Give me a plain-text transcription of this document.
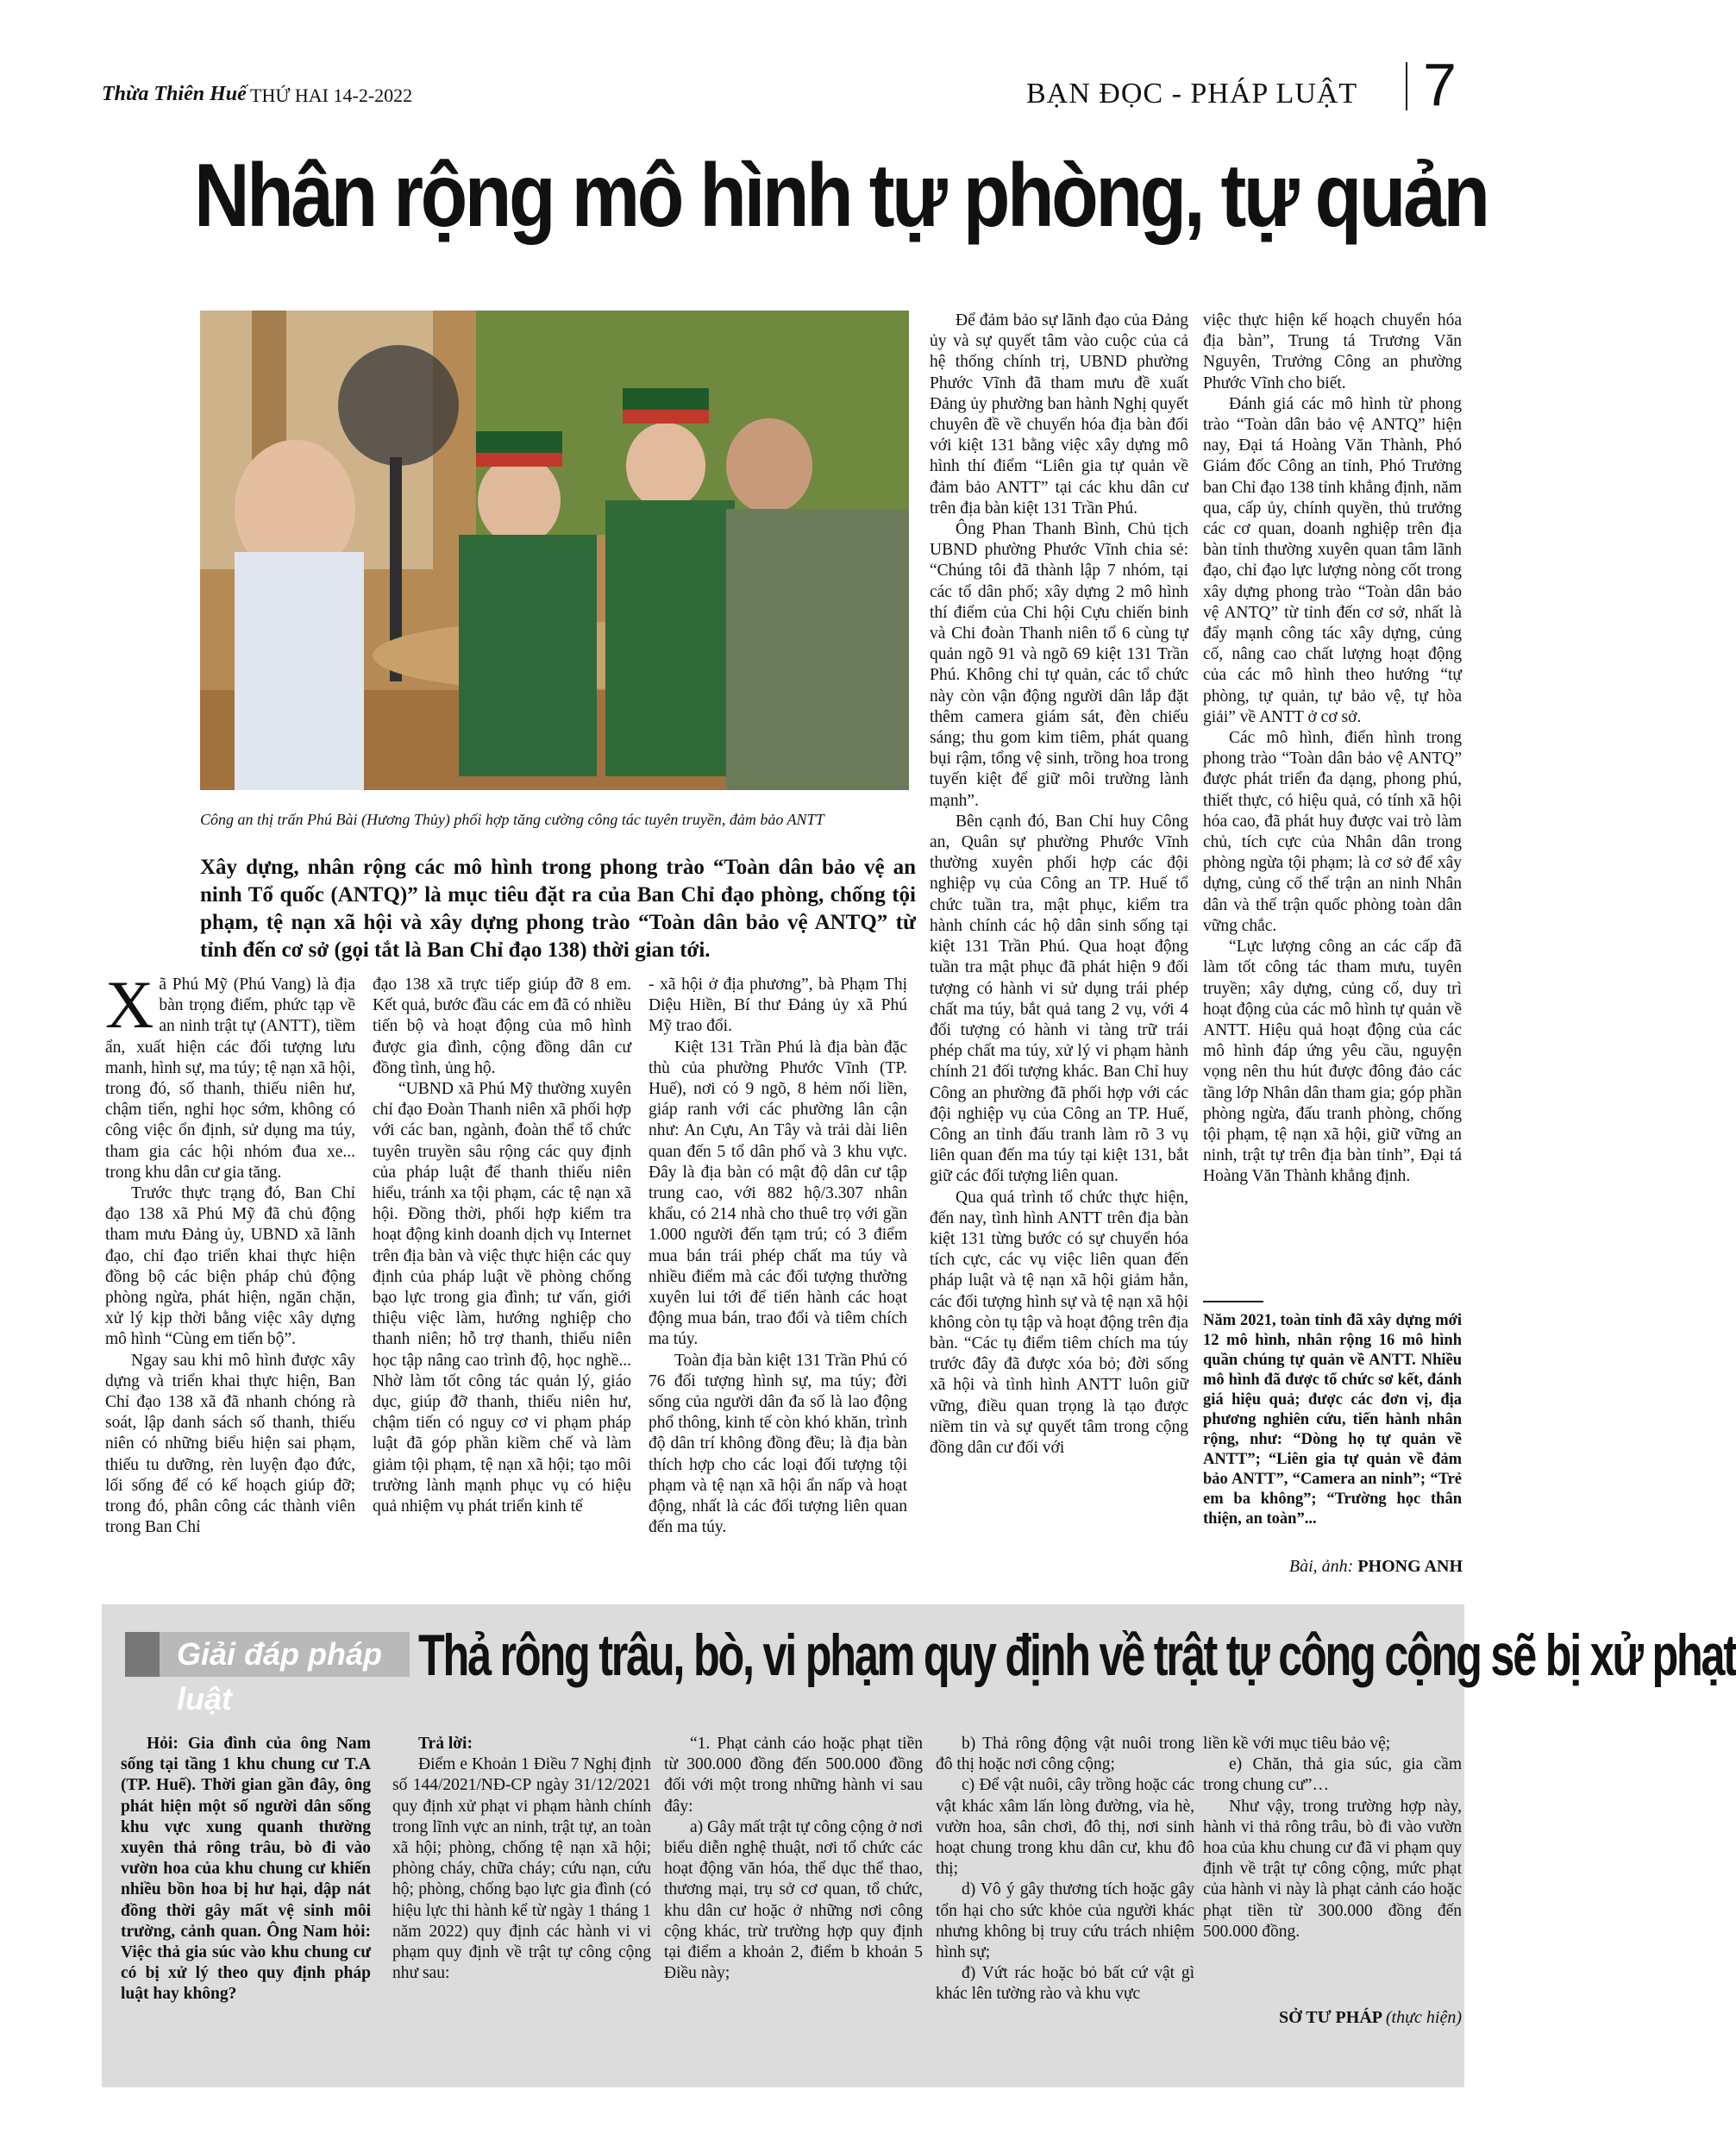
Thừa Thiên Huế THỨ HAI 14-2-2022	BẠN ĐỌC - PHÁP LUẬT 7
Nhân rộng mô hình tự phòng, tự quản
Công an thị trấn Phú Bài (Hương Thủy) phối hợp tăng cường công tác tuyên truyền, đảm bảo ANTT
Xây dựng, nhân rộng các mô hình trong phong trào “Toàn dân bảo vệ an ninh Tổ quốc (ANTQ)” là mục tiêu đặt ra của Ban Chỉ đạo phòng, chống tội phạm, tệ nạn xã hội và xây dựng phong trào “Toàn dân bảo vệ ANTQ” từ tỉnh đến cơ sở (gọi tắt là Ban Chỉ đạo 138) thời gian tới.

Xã Phú Mỹ (Phú Vang) là địa bàn trọng điểm, phức tạp về an ninh trật tự (ANTT), tiềm ẩn, xuất hiện các đối tượng lưu manh, hình sự, ma túy; tệ nạn xã hội, trong đó, số thanh, thiếu niên hư, chậm tiến, nghỉ học sớm, không có công việc ổn định, sử dụng ma túy, tham gia các hội nhóm đua xe... trong khu dân cư gia tăng.

Trước thực trạng đó, Ban Chỉ đạo 138 xã Phú Mỹ đã chủ động tham mưu Đảng ủy, UBND xã lãnh đạo, chỉ đạo triển khai thực hiện đồng bộ các biện pháp chủ động phòng ngừa, phát hiện, ngăn chặn, xử lý kịp thời bằng việc xây dựng mô hình “Cùng em tiến bộ”.

Ngay sau khi mô hình được xây dựng và triển khai thực hiện, Ban Chỉ đạo 138 xã đã nhanh chóng rà soát, lập danh sách số thanh, thiếu niên có những biểu hiện sai phạm, thiếu tu dưỡng, rèn luyện đạo đức, lối sống để có kế hoạch giúp đỡ; trong đó, phân công các thành viên trong Ban Chỉ

đạo 138 xã trực tiếp giúp đỡ 8 em. Kết quả, bước đầu các em đã có nhiều tiến bộ và hoạt động của mô hình được gia đình, cộng đồng dân cư đồng tình, ủng hộ.

“UBND xã Phú Mỹ thường xuyên chỉ đạo Đoàn Thanh niên xã phối hợp với các ban, ngành, đoàn thể tổ chức tuyên truyền sâu rộng các quy định của pháp luật để thanh thiếu niên hiểu, tránh xa tội phạm, các tệ nạn xã hội. Đồng thời, phối hợp kiểm tra hoạt động kinh doanh dịch vụ Internet trên địa bàn và việc thực hiện các quy định của pháp luật về phòng chống bạo lực trong gia đình; tư vấn, giới thiệu việc làm, hướng nghiệp cho thanh niên; hỗ trợ thanh, thiếu niên học tập nâng cao trình độ, học nghề... Nhờ làm tốt công tác quản lý, giáo dục, giúp đỡ thanh, thiếu niên hư, chậm tiến có nguy cơ vi phạm pháp luật đã góp phần kiềm chế và làm giảm tội phạm, tệ nạn xã hội; tạo môi trường lành mạnh phục vụ có hiệu quả nhiệm vụ phát triển kinh tế

- xã hội ở địa phương”, bà Phạm Thị Diệu Hiền, Bí thư Đảng ủy xã Phú Mỹ trao đổi.

Kiệt 131 Trần Phú là địa bàn đặc thù của phường Phước Vĩnh (TP. Huế), nơi có 9 ngõ, 8 hẻm nối liền, giáp ranh với các phường lân cận như: An Cựu, An Tây và trải dài liên quan đến 5 tổ dân phố và 3 khu vực. Đây là địa bàn có mật độ dân cư tập trung cao, với 882 hộ/3.307 nhân khẩu, có 214 nhà cho thuê trọ với gần 1.000 người đến tạm trú; có 3 điểm mua bán trái phép chất ma túy và nhiều điểm mà các đối tượng thường xuyên lui tới để tiến hành các hoạt động mua bán, trao đổi và tiêm chích ma túy.

Toàn địa bàn kiệt 131 Trần Phú có 76 đối tượng hình sự, ma túy; đời sống của người dân đa số là lao động phổ thông, kinh tế còn khó khăn, trình độ dân trí không đồng đều; là địa bàn thích hợp cho các loại đối tượng tội phạm và tệ nạn xã hội ẩn nấp và hoạt động, nhất là các đối tượng liên quan đến ma túy.

Để đảm bảo sự lãnh đạo của Đảng ủy và sự quyết tâm vào cuộc của cả hệ thống chính trị, UBND phường Phước Vĩnh đã tham mưu đề xuất Đảng ủy phường ban hành Nghị quyết chuyên đề về chuyển hóa địa bàn đối với kiệt 131 bằng việc xây dựng mô hình thí điểm “Liên gia tự quản về đảm bảo ANTT” tại các khu dân cư trên địa bàn kiệt 131 Trần Phú.

Ông Phan Thanh Bình, Chủ tịch UBND phường Phước Vĩnh chia sẻ: “Chúng tôi đã thành lập 7 nhóm, tại các tổ dân phố; xây dựng 2 mô hình thí điểm của Chi hội Cựu chiến binh và Chi đoàn Thanh niên tổ 6 cùng tự quản ngõ 91 và ngõ 69 kiệt 131 Trần Phú. Không chỉ tự quản, các tổ chức này còn vận động người dân lắp đặt thêm camera giám sát, đèn chiếu sáng; thu gom kim tiêm, phát quang bụi rậm, tổng vệ sinh, trồng hoa trong tuyến kiệt để giữ môi trường lành mạnh”.

Bên cạnh đó, Ban Chỉ huy Công an, Quân sự phường Phước Vĩnh thường xuyên phối hợp các đội nghiệp vụ của Công an TP. Huế tổ chức tuần tra, mật phục, kiểm tra hành chính các hộ dân sinh sống tại kiệt 131 Trần Phú. Qua hoạt động tuần tra mật phục đã phát hiện 9 đối tượng có hành vi sử dụng trái phép chất ma túy, bắt quả tang 2 vụ, với 4 đối tượng có hành vi tàng trữ trái phép chất ma túy, xử lý vi phạm hành chính 21 đối tượng khác. Ban Chỉ huy Công an phường đã phối hợp với các đội nghiệp vụ của Công an TP. Huế, Công an tỉnh đấu tranh làm rõ 3 vụ liên quan đến ma túy tại kiệt 131, bắt giữ các đối tượng liên quan.

Qua quá trình tổ chức thực hiện, đến nay, tình hình ANTT trên địa bàn kiệt 131 từng bước có sự chuyển hóa tích cực, các vụ việc liên quan đến pháp luật và tệ nạn xã hội giảm hẳn, các đối tượng hình sự và tệ nạn xã hội không còn tụ tập và hoạt động trên địa bàn. “Các tụ điểm tiêm chích ma túy trước đây đã được xóa bỏ; đời sống xã hội và tình hình ANTT luôn giữ vững, điều quan trọng là tạo được niềm tin và sự quyết tâm trong cộng đồng dân cư đối với

việc thực hiện kế hoạch chuyển hóa địa bàn”, Trung tá Trương Văn Nguyên, Trưởng Công an phường Phước Vĩnh cho biết.

Đánh giá các mô hình từ phong trào “Toàn dân bảo vệ ANTQ” hiện nay, Đại tá Hoàng Văn Thành, Phó Giám đốc Công an tỉnh, Phó Trưởng ban Chỉ đạo 138 tỉnh khẳng định, năm qua, cấp ủy, chính quyền, thủ trưởng các cơ quan, doanh nghiệp trên địa bàn tỉnh thường xuyên quan tâm lãnh đạo, chỉ đạo lực lượng nòng cốt trong xây dựng phong trào “Toàn dân bảo vệ ANTQ” từ tỉnh đến cơ sở, nhất là đẩy mạnh công tác xây dựng, củng cố, nâng cao chất lượng hoạt động của các mô hình theo hướng “tự phòng, tự quản, tự bảo vệ, tự hòa giải” về ANTT ở cơ sở.

Các mô hình, điển hình trong phong trào “Toàn dân bảo vệ ANTQ” được phát triển đa dạng, phong phú, thiết thực, có hiệu quả, có tính xã hội hóa cao, đã phát huy được vai trò làm chủ, tích cực của Nhân dân trong phòng ngừa tội phạm; là cơ sở để xây dựng, củng cố thế trận an ninh Nhân dân và thế trận quốc phòng toàn dân vững chắc.

“Lực lượng công an các cấp đã làm tốt công tác tham mưu, tuyên truyền; xây dựng, củng cố, duy trì hoạt động của các mô hình tự quản về ANTT. Hiệu quả hoạt động của các mô hình đáp ứng yêu cầu, nguyện vọng nên thu hút được đông đảo các tầng lớp Nhân dân tham gia; góp phần phòng ngừa, đấu tranh phòng, chống tội phạm, tệ nạn xã hội, giữ vững an ninh, trật tự trên địa bàn tỉnh”, Đại tá Hoàng Văn Thành khẳng định.

Năm 2021, toàn tỉnh đã xây dựng mới 12 mô hình, nhân rộng 16 mô hình quần chúng tự quản về ANTT. Nhiều mô hình đã được tổ chức sơ kết, đánh giá hiệu quả; được các đơn vị, địa phương nghiên cứu, tiến hành nhân rộng, như: “Dòng họ tự quản về ANTT”; “Liên gia tự quản về đảm bảo ANTT”, “Camera an ninh”; “Trẻ em ba không”; “Trường học thân thiện, an toàn”...
Bài, ảnh: PHONG ANH
Giải đáp pháp luật
Thả rông trâu, bò, vi phạm quy định về trật tự công cộng sẽ bị xử phạt

Hỏi: Gia đình của ông Nam sống tại tầng 1 khu chung cư T.A (TP. Huế). Thời gian gần đây, ông phát hiện một số người dân sống khu vực xung quanh thường xuyên thả rông trâu, bò đi vào vườn hoa của khu chung cư khiến nhiều bồn hoa bị hư hại, dập nát đồng thời gây mất vệ sinh môi trường, cảnh quan. Ông Nam hỏi: Việc thả gia súc vào khu chung cư có bị xử lý theo quy định pháp luật hay không?

Trả lời:

Điểm e Khoản 1 Điều 7 Nghị định số 144/2021/NĐ-CP ngày 31/12/2021 quy định xử phạt vi phạm hành chính trong lĩnh vực an ninh, trật tự, an toàn xã hội; phòng, chống tệ nạn xã hội; phòng cháy, chữa cháy; cứu nạn, cứu hộ; phòng, chống bạo lực gia đình (có hiệu lực thi hành kể từ ngày 1 tháng 1 năm 2022) quy định các hành vi vi phạm quy định về trật tự công cộng như sau:

“1. Phạt cảnh cáo hoặc phạt tiền từ 300.000 đồng đến 500.000 đồng đối với một trong những hành vi sau đây:

a) Gây mất trật tự công cộng ở nơi biểu diễn nghệ thuật, nơi tổ chức các hoạt động văn hóa, thể dục thể thao, thương mại, trụ sở cơ quan, tổ chức, khu dân cư hoặc ở những nơi công cộng khác, trừ trường hợp quy định tại điểm a khoản 2, điểm b khoản 5 Điều này;

b) Thả rông động vật nuôi trong đô thị hoặc nơi công cộng;

c) Để vật nuôi, cây trồng hoặc các vật khác xâm lấn lòng đường, vỉa hè, vườn hoa, sân chơi, đô thị, nơi sinh hoạt chung trong khu dân cư, khu đô thị;

d) Vô ý gây thương tích hoặc gây tổn hại cho sức khỏe của người khác nhưng không bị truy cứu trách nhiệm hình sự;

đ) Vứt rác hoặc bỏ bất cứ vật gì khác lên tường rào và khu vực

liền kề với mục tiêu bảo vệ;

e) Chăn, thả gia súc, gia cầm trong chung cư”…

Như vậy, trong trường hợp này, hành vi thả rông trâu, bò đi vào vườn hoa của khu chung cư đã vi phạm quy định về trật tự công cộng, mức phạt của hành vi này là phạt cảnh cáo hoặc phạt tiền từ 300.000 đồng đến 500.000 đồng.

SỞ TƯ PHÁP (thực hiện)
